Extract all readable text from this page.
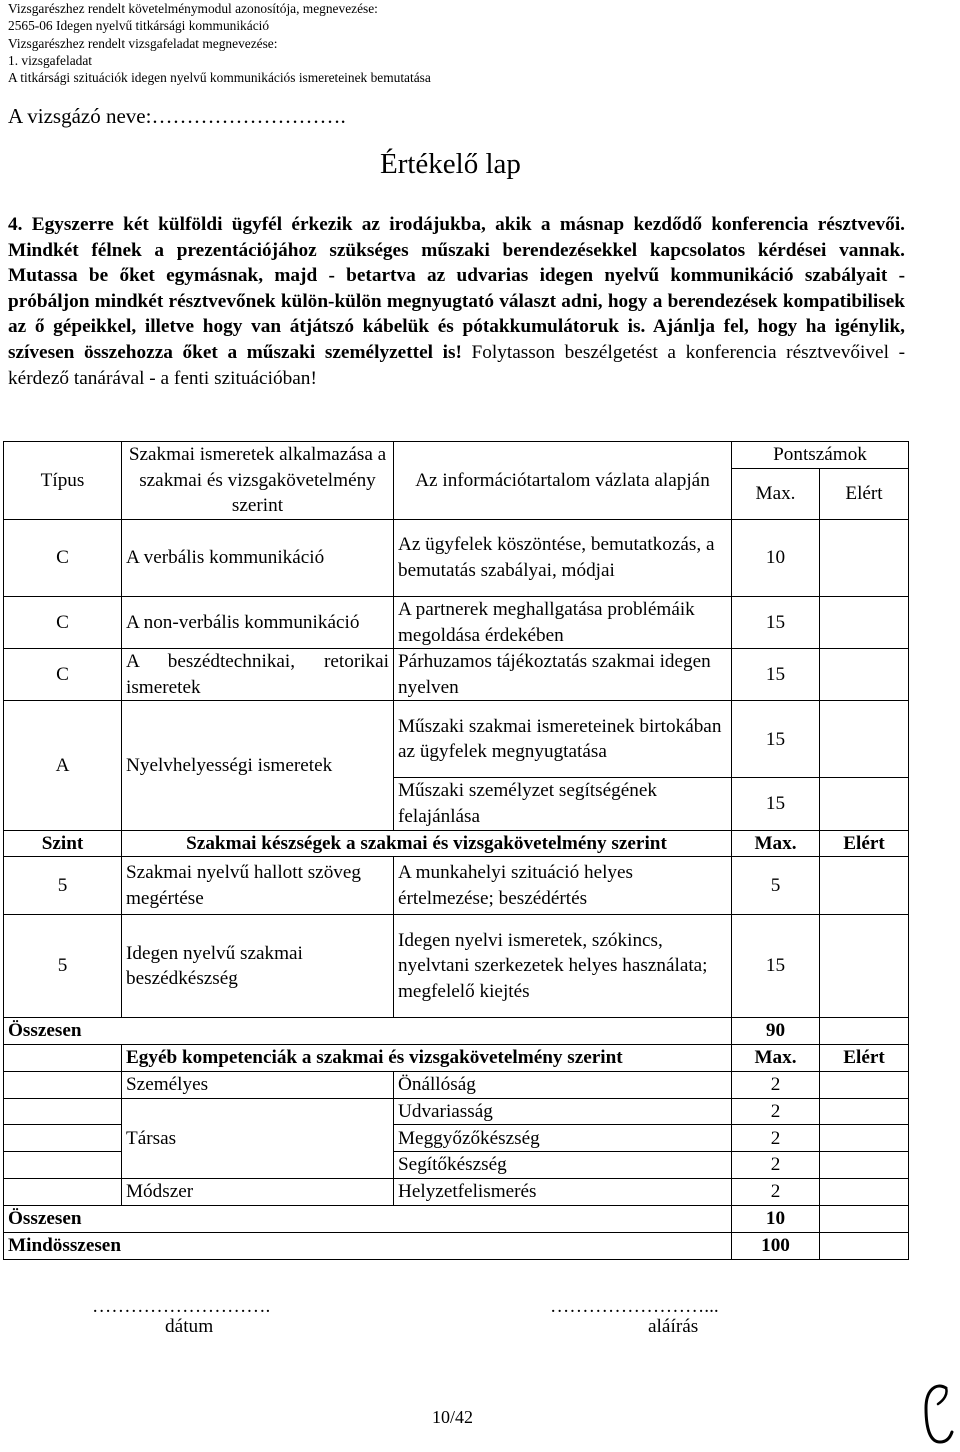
Vizsgarészhez rendelt követelménymodul azonosítója, megnevezése:
2565-06 Idegen nyelvű titkársági kommunikáció
Vizsgarészhez rendelt vizsgafeladat megnevezése:
1. vizsgafeladat
A titkársági szituációk idegen nyelvű kommunikációs ismereteinek bemutatása
A vizsgázó neve:……………………….
Értékelő lap
4. Egyszerre két külföldi ügyfél érkezik az irodájukba, akik a másnap kezdődő konferencia résztvevői. Mindkét félnek a prezentációjához szükséges műszaki berendezésekkel kapcsolatos kérdései vannak. Mutassa be őket egymásnak, majd - betartva az udvarias idegen nyelvű kommunikáció szabályait - próbáljon mindkét résztvevőnek külön-külön megnyugtató választ adni, hogy a berendezések kompatibilisek az ő gépeikkel, illetve hogy van átjátszó kábelük és pótakkumulátoruk is. Ajánlja fel, hogy ha igénylik, szívesen összehozza őket a műszaki személyzettel is! Folytasson beszélgetést a konferencia résztvevőivel - kérdező tanárával - a fenti szituációban!
Típus	Szakmai ismeretek alkalmazása a szakmai és vizsgakövetelmény szerint	Az információtartalom vázlata alapján	Pontszámok	
			Max.	Elért
C	A verbális kommunikáció	Az ügyfelek köszöntése, bemutatkozás, a bemutatás szabályai, módjai	10	
C	A non-verbális kommunikáció	A partnerek meghallgatása problémáik megoldása érdekében	15	
C	A beszédtechnikai, retorikai ismeretek	Párhuzamos tájékoztatás szakmai idegen nyelven	15	
A	Nyelvhelyességi ismeretek	Műszaki szakmai ismereteinek birtokában az ügyfelek megnyugtatása	15	
		Műszaki személyzet segítségének felajánlása	15	
Szint	Szakmai készségek a szakmai és vizsgakövetelmény szerint		Max.	Elért
5	Szakmai nyelvű hallott szöveg megértése	A munkahelyi szituáció helyes értelmezése; beszédértés	5	
5	Idegen nyelvű szakmai beszédkészség	Idegen nyelvi ismeretek, szókincs, nyelvtani szerkezetek helyes használata; megfelelő kiejtés	15	
Összesen			90	
	Egyéb kompetenciák a szakmai és vizsgakövetelmény szerint		Max.	Elért
	Személyes	Önállóság	2	
	Társas	Udvariasság	2	
		Meggyőzőkészség	2	
		Segítőkészség	2	
	Módszer	Helyzetfelismerés	2	
Összesen			10	
Mindösszesen			100	
……………………….
dátum
……………………...
aláírás
10/42
